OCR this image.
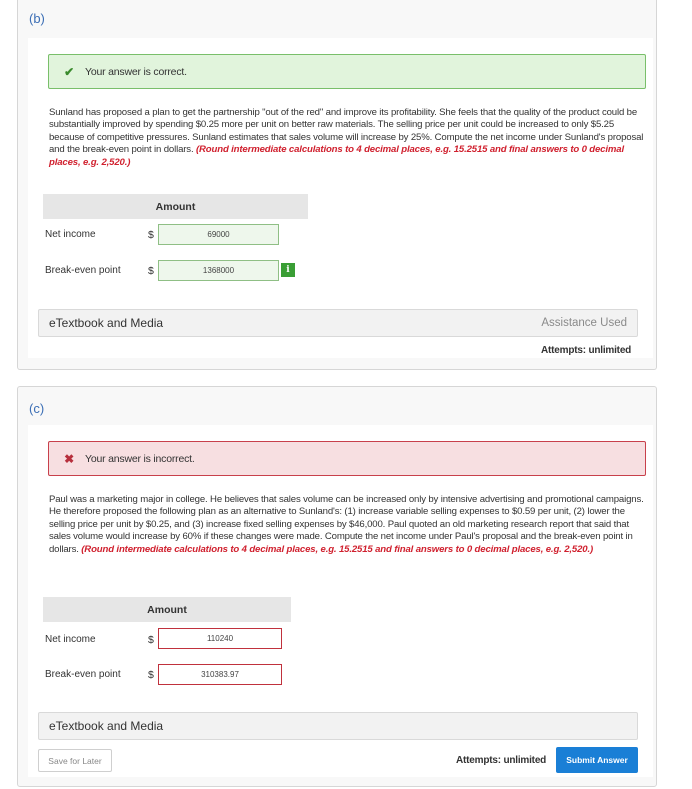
(b)
✔ Your answer is correct.
Sunland has proposed a plan to get the partnership "out of the red" and improve its profitability. She feels that the quality of the product could be substantially improved by spending $0.25 more per unit on better raw materials. The selling price per unit could be increased to only $5.25 because of competitive pressures. Sunland estimates that sales volume will increase by 25%. Compute the net income under Sunland's proposal and the break-even point in dollars. (Round intermediate calculations to 4 decimal places, e.g. 15.2515 and final answers to 0 decimal places, e.g. 2,520.)
Amount
Net income	$	69000
Break-even point	$	1368000	i
eTextbook and Media	Assistance Used
Attempts: unlimited
(c)
✖ Your answer is incorrect.
Paul was a marketing major in college. He believes that sales volume can be increased only by intensive advertising and promotional campaigns. He therefore proposed the following plan as an alternative to Sunland's: (1) increase variable selling expenses to $0.59 per unit, (2) lower the selling price per unit by $0.25, and (3) increase fixed selling expenses by $46,000. Paul quoted an old marketing research report that said that sales volume would increase by 60% if these changes were made. Compute the net income under Paul's proposal and the break-even point in dollars. (Round intermediate calculations to 4 decimal places, e.g. 15.2515 and final answers to 0 decimal places, e.g. 2,520.)
Amount
Net income	$	110240
Break-even point	$	310383.97
eTextbook and Media
Save for Later	Attempts: unlimited	Submit Answer
